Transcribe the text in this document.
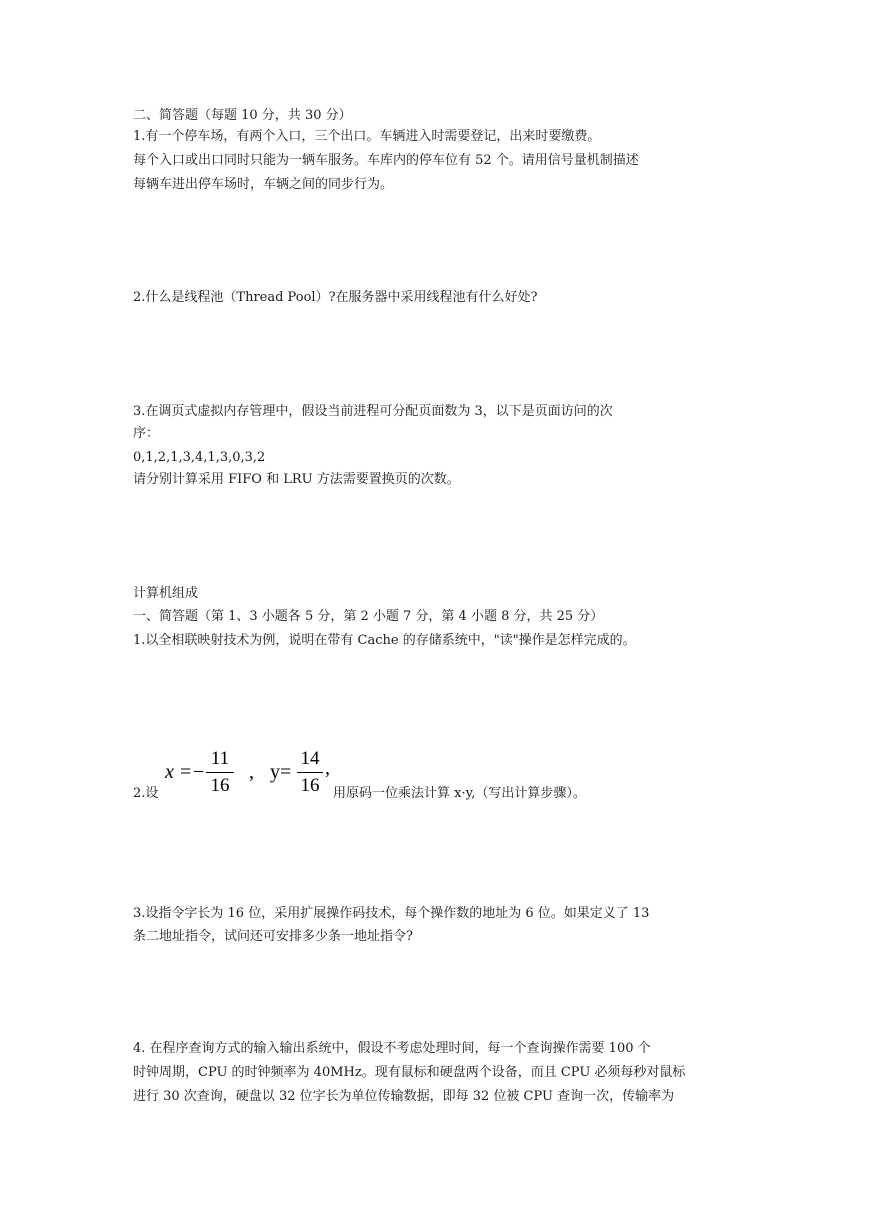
二、简答题（每题 10 分，共 30 分）
1.有一个停车场，有两个入口，三个出口。车辆进入时需要登记，出来时要缴费。
每个入口或出口同时只能为一辆车服务。车库内的停车位有 52 个。请用信号量机制描述
每辆车进出停车场时，车辆之间的同步行为。
2.什么是线程池（Thread Pool）?在服务器中采用线程池有什么好处?
3.在调页式虚拟内存管理中，假设当前进程可分配页面数为 3，以下是页面访问的次
序：
0,1,2,1,3,4,1,3,0,3,2
请分别计算采用 FIFO 和 LRU 方法需要置换页的次数。
计算机组成
一、简答题（第 1、3 小题各 5 分，第 2 小题 7 分，第 4 小题 8 分，共 25 分）
1.以全相联映射技术为例，说明在带有 Cache 的存储系统中，"读"操作是怎样完成的。
2.设
x = −
11
16
, y=
14
16
,
用原码一位乘法计算 x·y,（写出计算步骤）。
3.设指令字长为 16 位，采用扩展操作码技术，每个操作数的地址为 6 位。如果定义了 13
条二地址指令，试问还可安排多少条一地址指令?
4. 在程序查询方式的输入输出系统中，假设不考虑处理时间，每一个查询操作需要 100 个
时钟周期，CPU 的时钟频率为 40MHz。现有鼠标和硬盘两个设备，而且 CPU 必须每秒对鼠标
进行 30 次查询，硬盘以 32 位字长为单位传输数据，即每 32 位被 CPU 查询一次，传输率为
